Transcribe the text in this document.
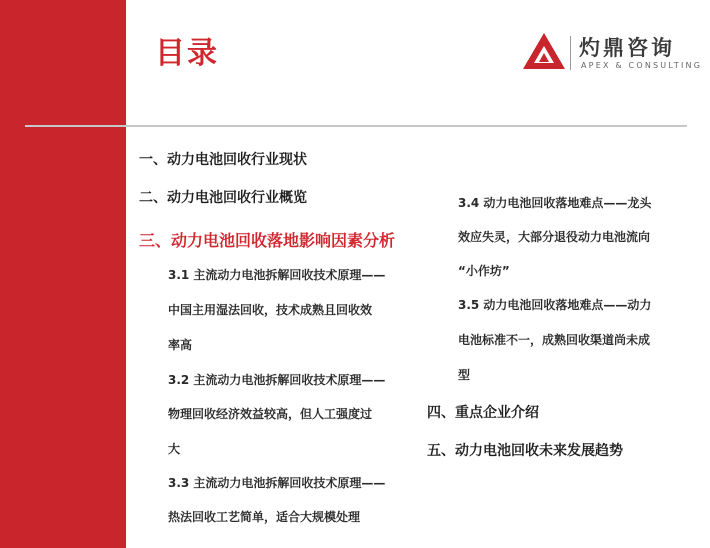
目录	灼鼎咨询
APEX & CONSULTING
一、动力电池回收行业现状
二、动力电池回收行业概览
三、动力电池回收落地影响因素分析
3.1 主流动力电池拆解回收技术原理——
中国主用湿法回收，技术成熟且回收效
率高
3.2 主流动力电池拆解回收技术原理——
物理回收经济效益较高，但人工强度过
大
3.3 主流动力电池拆解回收技术原理——
热法回收工艺简单，适合大规模处理
3.4 动力电池回收落地难点——龙头
效应失灵，大部分退役动力电池流向
“小作坊”
3.5 动力电池回收落地难点——动力
电池标准不一，成熟回收渠道尚未成
型
四、重点企业介绍
五、动力电池回收未来发展趋势
